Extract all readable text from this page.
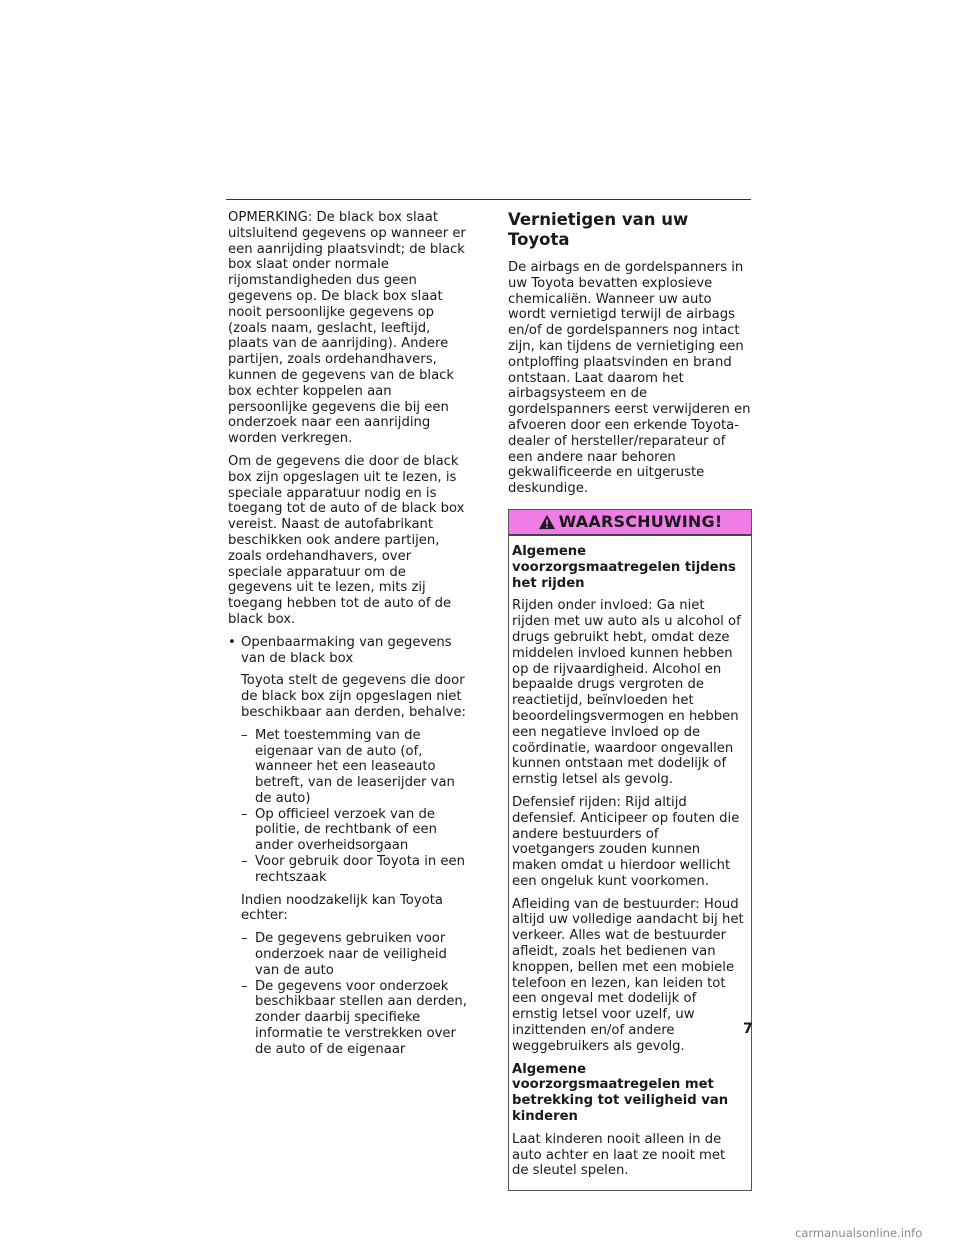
OPMERKING: De black box slaat uitsluitend gegevens op wanneer er een aanrijding plaatsvindt; de black box slaat onder normale rijomstandigheden dus geen gegevens op. De black box slaat nooit persoonlijke gegevens op (zoals naam, geslacht, leeftijd, plaats van de aanrijding). Andere partijen, zoals ordehandhavers, kunnen de gegevens van de black box echter koppelen aan persoonlijke gegevens die bij een onderzoek naar een aanrijding worden verkregen.

Om de gegevens die door de black box zijn opgeslagen uit te lezen, is speciale apparatuur nodig en is toegang tot de auto of de black box vereist. Naast de autofabrikant beschikken ook andere partijen, zoals ordehandhavers, over speciale apparatuur om de gegevens uit te lezen, mits zij toegang hebben tot de auto of de black box.

• Openbaarmaking van gegevens van de black box

Toyota stelt de gegevens die door de black box zijn opgeslagen niet beschikbaar aan derden, behalve:

– Met toestemming van de eigenaar van de auto (of, wanneer het een leaseauto betreft, van de leaserijder van de auto)

– Op officieel verzoek van de politie, de rechtbank of een ander overheidsorgaan

– Voor gebruik door Toyota in een rechtszaak

Indien noodzakelijk kan Toyota echter:

– De gegevens gebruiken voor onderzoek naar de veiligheid van de auto

– De gegevens voor onderzoek beschikbaar stellen aan derden, zonder daarbij specifieke informatie te verstrekken over de auto of de eigenaar

Vernietigen van uw Toyota

De airbags en de gordelspanners in uw Toyota bevatten explosieve chemicaliën. Wanneer uw auto wordt vernietigd terwijl de airbags en/of de gordelspanners nog intact zijn, kan tijdens de vernietiging een ontploffing plaatsvinden en brand ontstaan. Laat daarom het airbagsysteem en de gordelspanners eerst verwijderen en afvoeren door een erkende Toyota-dealer of hersteller/reparateur of een andere naar behoren gekwalificeerde en uitgeruste deskundige.

WAARSCHUWING!

Algemene voorzorgsmaatregelen tijdens het rijden

Rijden onder invloed: Ga niet rijden met uw auto als u alcohol of drugs gebruikt hebt, omdat deze middelen invloed kunnen hebben op de rijvaardigheid. Alcohol en bepaalde drugs vergroten de reactietijd, beïnvloeden het beoordelingsvermogen en hebben een negatieve invloed op de coördinatie, waardoor ongevallen kunnen ontstaan met dodelijk of ernstig letsel als gevolg.

Defensief rijden: Rijd altijd defensief. Anticipeer op fouten die andere bestuurders of voetgangers zouden kunnen maken omdat u hierdoor wellicht een ongeluk kunt voorkomen.

Afleiding van de bestuurder: Houd altijd uw volledige aandacht bij het verkeer. Alles wat de bestuurder afleidt, zoals het bedienen van knoppen, bellen met een mobiele telefoon en lezen, kan leiden tot een ongeval met dodelijk of ernstig letsel voor uzelf, uw inzittenden en/of andere weggebruikers als gevolg.

Algemene voorzorgsmaatregelen met betrekking tot veiligheid van kinderen

Laat kinderen nooit alleen in de auto achter en laat ze nooit met de sleutel spelen.

7
carmanualsonline.info
